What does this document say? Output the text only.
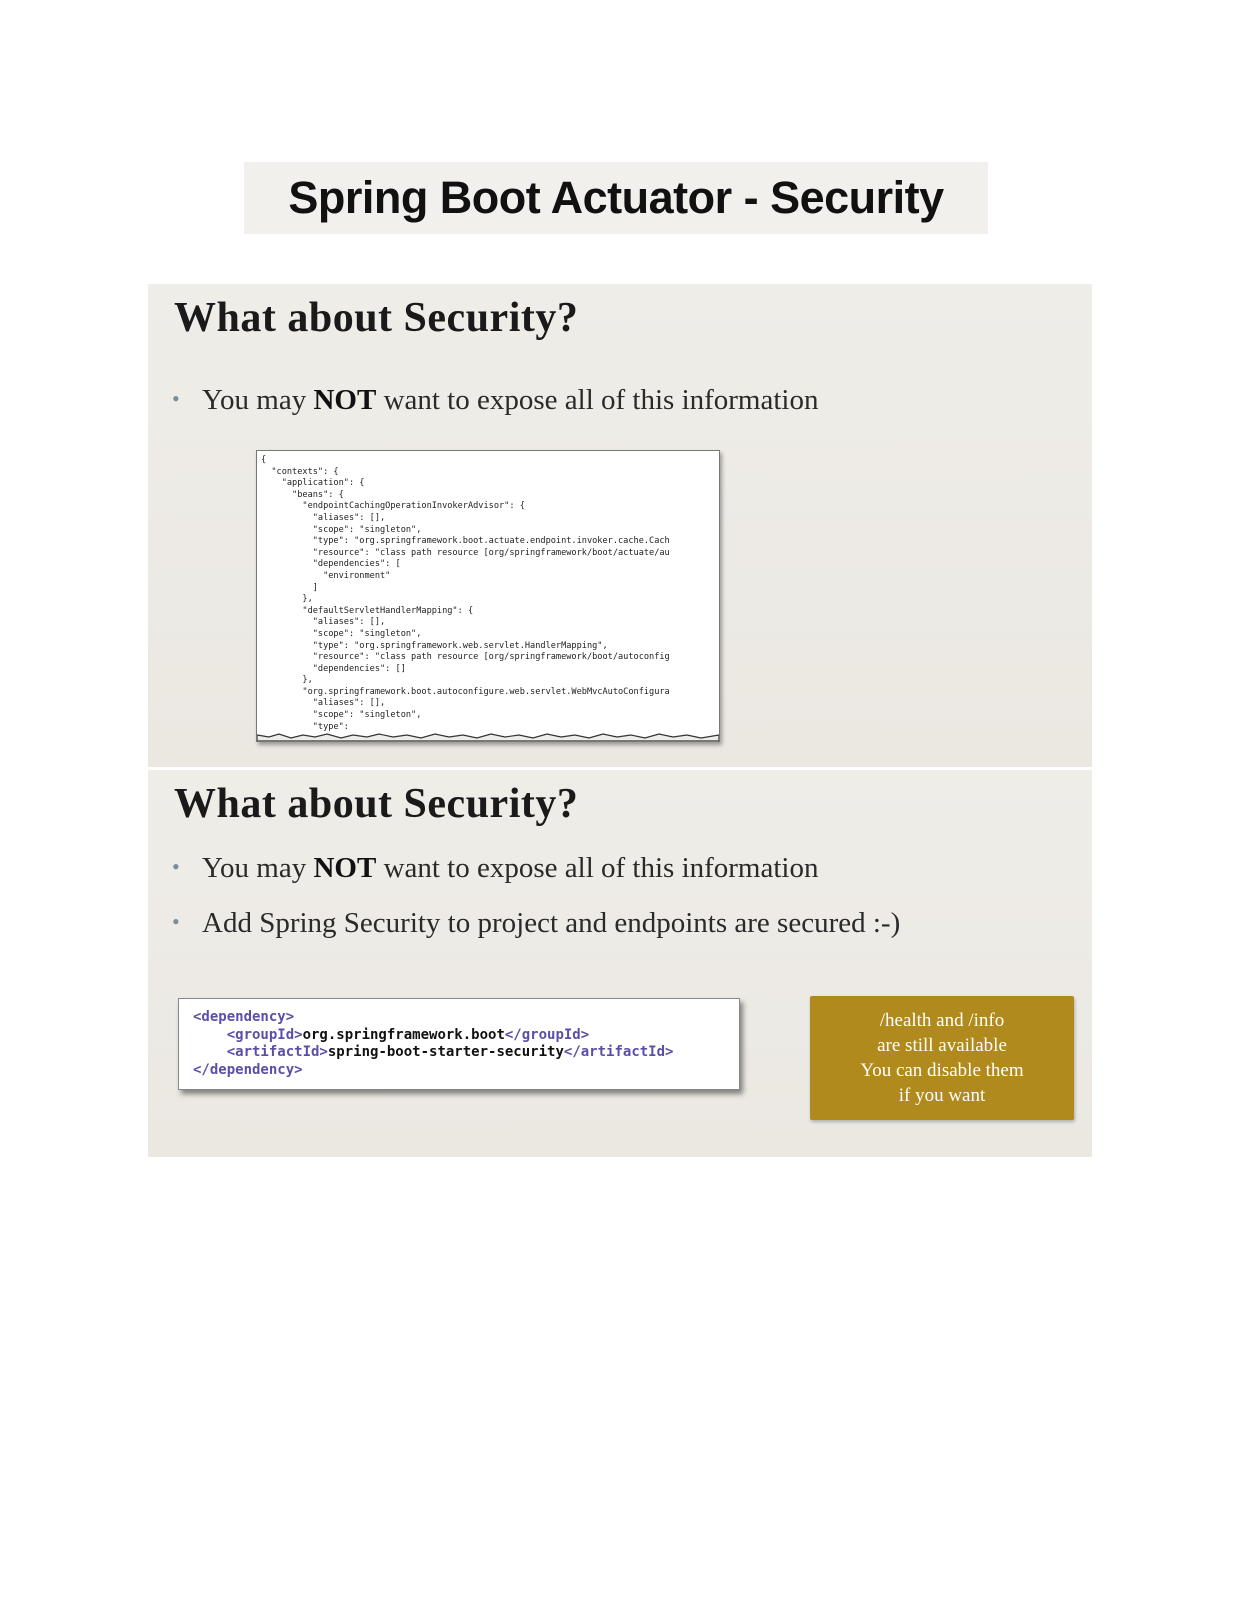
Spring Boot Actuator - Security
What about Security?
• You may NOT want to expose all of this information
{
"contexts": {
"application": {
"beans": {
"endpointCachingOperationInvokerAdvisor": {
"aliases": [],
"scope": "singleton",
"type": "org.springframework.boot.actuate.endpoint.invoker.cache.Cach
"resource": "class path resource [org/springframework/boot/actuate/au
"dependencies": [
"environment"
]
},
"defaultServletHandlerMapping": {
"aliases": [],
"scope": "singleton",
"type": "org.springframework.web.servlet.HandlerMapping",
"resource": "class path resource [org/springframework/boot/autoconfig
"dependencies": []
},
"org.springframework.boot.autoconfigure.web.servlet.WebMvcAutoConfigura
"aliases": [],
"scope": "singleton",
"type":
What about Security?
• You may NOT want to expose all of this information
• Add Spring Security to project and endpoints are secured :-)
<dependency>
<groupId>org.springframework.boot</groupId>
<artifactId>spring-boot-starter-security</artifactId>
</dependency>
/health and /info
are still available
You can disable them
if you want
